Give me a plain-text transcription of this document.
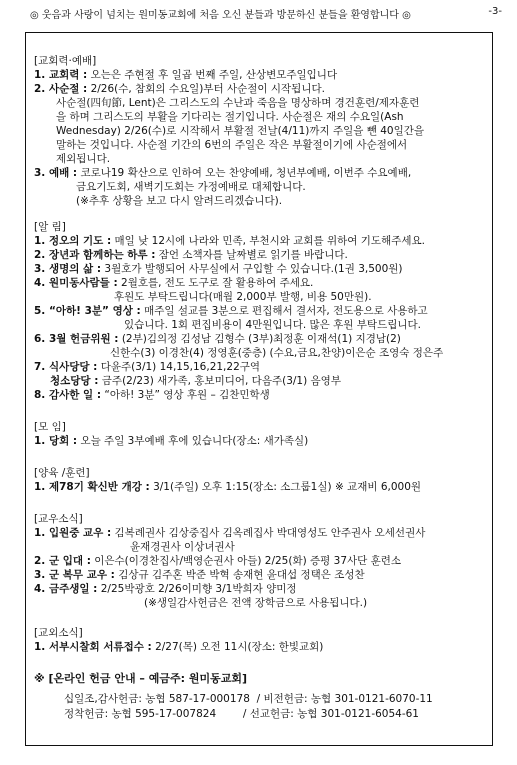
◎ 웃음과 사랑이 넘치는 원미동교회에 처음 오신 분들과 방문하신 분들을 환영합니다 ◎	-3-
[교회력·예배]
1. 교회력 : 오는은 주현절 후 일곱 번째 주일, 산상변모주일입니다
2. 사순절 : 2/26(수, 참회의 수요일)부터 사순절이 시작됩니다.
사순절(四旬節, Lent)은 그리스도의 수난과 죽음을 명상하며 경건훈련/제자훈련
을 하며 그리스도의 부활을 기다리는 절기입니다. 사순절은 재의 수요일(Ash
Wednesday) 2/26(수)로 시작해서 부활절 전날(4/11)까지 주일을 뺀 40일간을
말하는 것입니다. 사순절 기간의 6번의 주일은 작은 부활절이기에 사순절에서
제외됩니다.
3. 예배 : 코로나19 확산으로 인하여 오는 찬양예배, 청년부예배, 이번주 수요예배,
금요기도회, 새벽기도회는 가정예배로 대체합니다.
(※추후 상황을 보고 다시 알려드리겠습니다).
[알 림]
1. 정오의 기도 : 매일 낮 12시에 나라와 민족, 부천시와 교회를 위하여 기도해주세요.
2. 장년과 함께하는 하루 : 잠언 소책자를 날짜별로 읽기를 바랍니다.
3. 생명의 삶 : 3월호가 발행되어 사무실에서 구입할 수 있습니다.(1권 3,500원)
4. 원미동사람들 : 2월호를, 전도 도구로 잘 활용하여 주세요.
후원도 부탁드립니다(매월 2,000부 발행, 비용 50만원).
5. “아하! 3분” 영상 : 매주일 설교를 3분으로 편집해서 결서자, 전도용으로 사용하고
있습니다. 1회 편집비용이 4만원입니다. 많은 후원 부탁드립니다.
6. 3월 헌금위원 : (2부)김의정 김성남 김형수 (3부)최정훈 이재석(1) 지경남(2)
신한수(3) 이경찬(4) 정영훈(중층) (수요,금요,찬양)이은순 조영숙 정은주
7. 식사당당 : 다윤주(3/1) 14,15,16,21,22구역
청소당당 : 금주(2/23) 새가족, 홍보미디어, 다음주(3/1) 음영부
8. 감사한 일 : “아하! 3분” 영상 후원 – 김찬민학생
[모 임]
1. 당회 : 오늘 주일 3부예배 후에 있습니다(장소: 새가족실)
[양육 /훈련]
1. 제78기 확신반 개강 : 3/1(주일) 오후 1:15(장소: 소그룹1실) ※ 교재비 6,000원
[교우소식]
1. 입원중 교우 : 김복례권사 김상중집사 김옥례집사 박대영성도 안주권사 오세선권사
윤재경권사 이상녀권사
2. 군 입대 : 이은수(이경찬집사/백영순권사 아들) 2/25(화) 증평 37사단 훈련소
3. 군 복무 교우 : 김상규 김주혼 박준 박혁 송재현 윤대섭 정택은 조성찬
4. 금주생일 : 2/25박광호 2/26이미향 3/1박희자 양미정
(※생일감사헌금은 전액 장학금으로 사용됩니다.)
[교외소식]
1. 서부시찰회 서류접수 : 2/27(목) 오전 11시(장소: 한빛교회)
※ [온라인 헌금 안내 – 예금주: 원미동교회]
십일조,감사헌금: 농협 587-17-000178  / 비전헌금: 농협 301-0121-6070-11
정착헌금: 농협 595-17-007824        / 선교헌금: 농협 301-0121-6054-61
